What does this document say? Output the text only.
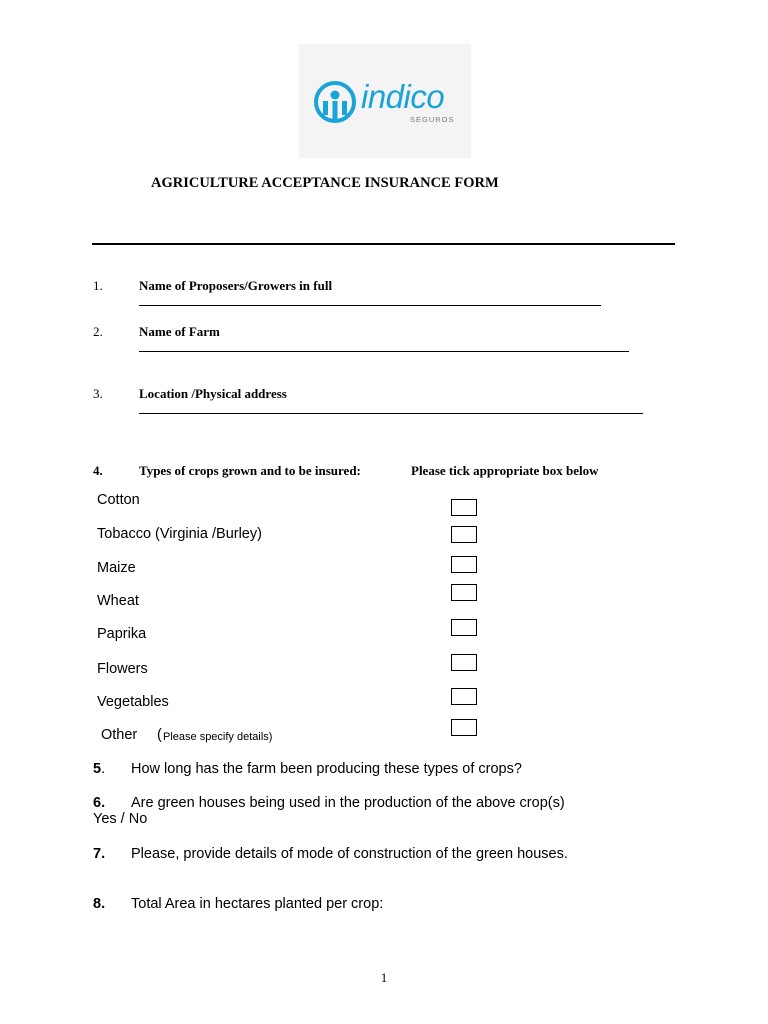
indico
SEGUROS
AGRICULTURE ACCEPTANCE INSURANCE FORM
1.	Name of Proposers/Growers in full
2.	Name of Farm
3.	Location /Physical address
4.	Types of crops grown and to be insured:	Please tick appropriate box below
Cotton
Tobacco (Virginia /Burley)
Maize
Wheat
Paprika
Flowers
Vegetables
Other ( Please specify details)
5. How long has the farm been producing these types of crops?
6. Are green houses being used in the production of the above crop(s)
Yes / No
7. Please, provide details of mode of construction of the green houses.
8. Total Area in hectares planted per crop:
1
